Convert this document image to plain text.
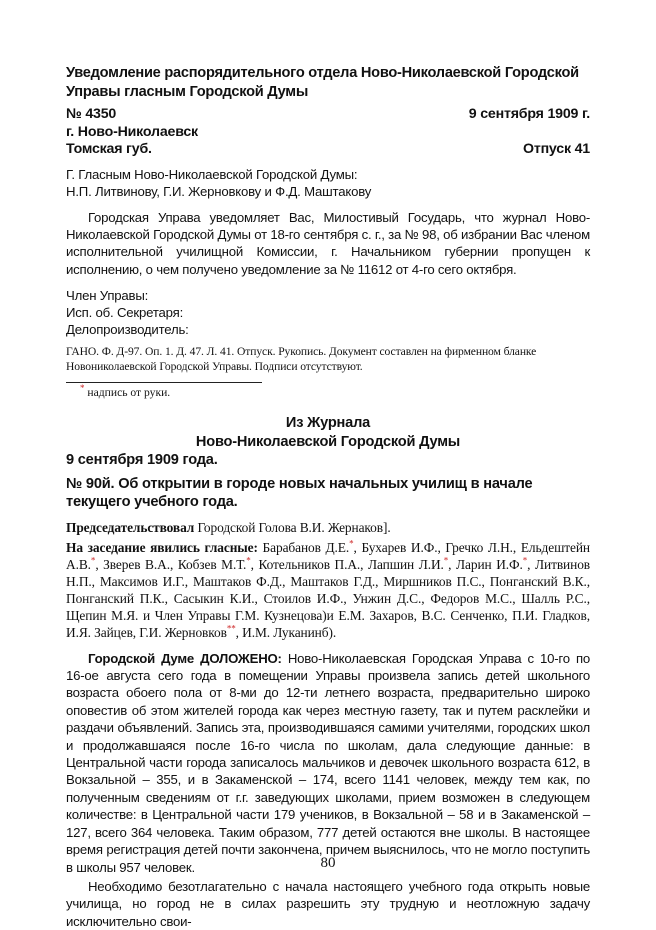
Уведомление распорядительного отдела Ново-Николаевской Городской Управы гласным Городской Думы
№ 4350	9 сентября 1909 г.
г. Ново-Николаевск
Томская губ.	Отпуск 41
Г. Гласным Ново-Николаевской Городской Думы:
Н.П. Литвинову, Г.И. Жерновкову и Ф.Д. Маштакову

Городская Управа уведомляет Вас, Милостивый Государь, что журнал Ново-Николаевской Городской Думы от 18-го сентября с. г., за № 98, об избрании Вас членом исполнительной училищной Комиссии, г. Начальником губернии пропущен к исполнению, о чем получено уведомление за № 11612 от 4-го сего октября.

Член Управы:
Исп. об. Секретаря:
Делопроизводитель:
ГАНО. Ф. Д-97. Оп. 1. Д. 47. Л. 41. Отпуск. Рукопись. Документ составлен на фирменном бланке Новониколаевской Городской Управы. Подписи отсутствуют.
* надпись от руки.
Из Журнала
Ново-Николаевской Городской Думы
9 сентября 1909 года.
№ 90й. Об открытии в городе новых начальных училищ в начале текущего учебного года.
Председательствовал Городской Голова В.И. Жернаков].
На заседание явились гласные: Барабанов Д.Е.*, Бухарев И.Ф., Гречко Л.Н., Ельдештейн А.В.*, Зверев В.А., Кобзев М.Т.*, Котельников П.А., Лапшин Л.И.*, Ларин И.Ф.*, Литвинов Н.П., Максимов И.Г., Маштаков Ф.Д., Маштаков Г.Д., Миршников П.С., Понганский В.К., Понганский П.К., Сасыкин К.И., Стоилов И.Ф., Унжин Д.С., Федоров М.С., Шалль Р.С., Щепин М.Я. и Член Управы Г.М. Кузнецова)и Е.М. Захаров, В.С. Сенченко, П.И. Гладков, И.Я. Зайцев, Г.И. Жерновков**, И.М. Луканинб).

Городской Думе ДОЛОЖЕНО: Ново-Николаевская Городская Управа с 10-го по 16-ое августа сего года в помещении Управы произвела запись детей школьного возраста обоего пола от 8-ми до 12-ти летнего возраста, предварительно широко оповестив об этом жителей города как через местную газету, так и путем расклейки и раздачи объявлений. Запись эта, производившаяся самими учителями, городских школ и продолжавшаяся после 16-го числа по школам, дала следующие данные: в Центральной части города записалось мальчиков и девочек школьного возраста 612, в Вокзальной – 355, и в Закаменской – 174, всего 1141 человек, между тем как, по полученным сведениям от г.г. заведующих школами, прием возможен в следующем количестве: в Центральной части 179 учеников, в Вокзальной – 58 и в Закаменской – 127, всего 364 человека. Таким образом, 777 детей остаются вне школы. В настоящее время регистрация детей почти закончена, причем выяснилось, что не могло поступить в школы 957 человек.

Необходимо безотлагательно с начала настоящего учебного года открыть новые училища, но город не в силах разрешить эту трудную и неотложную задачу исключительно свои-

80
